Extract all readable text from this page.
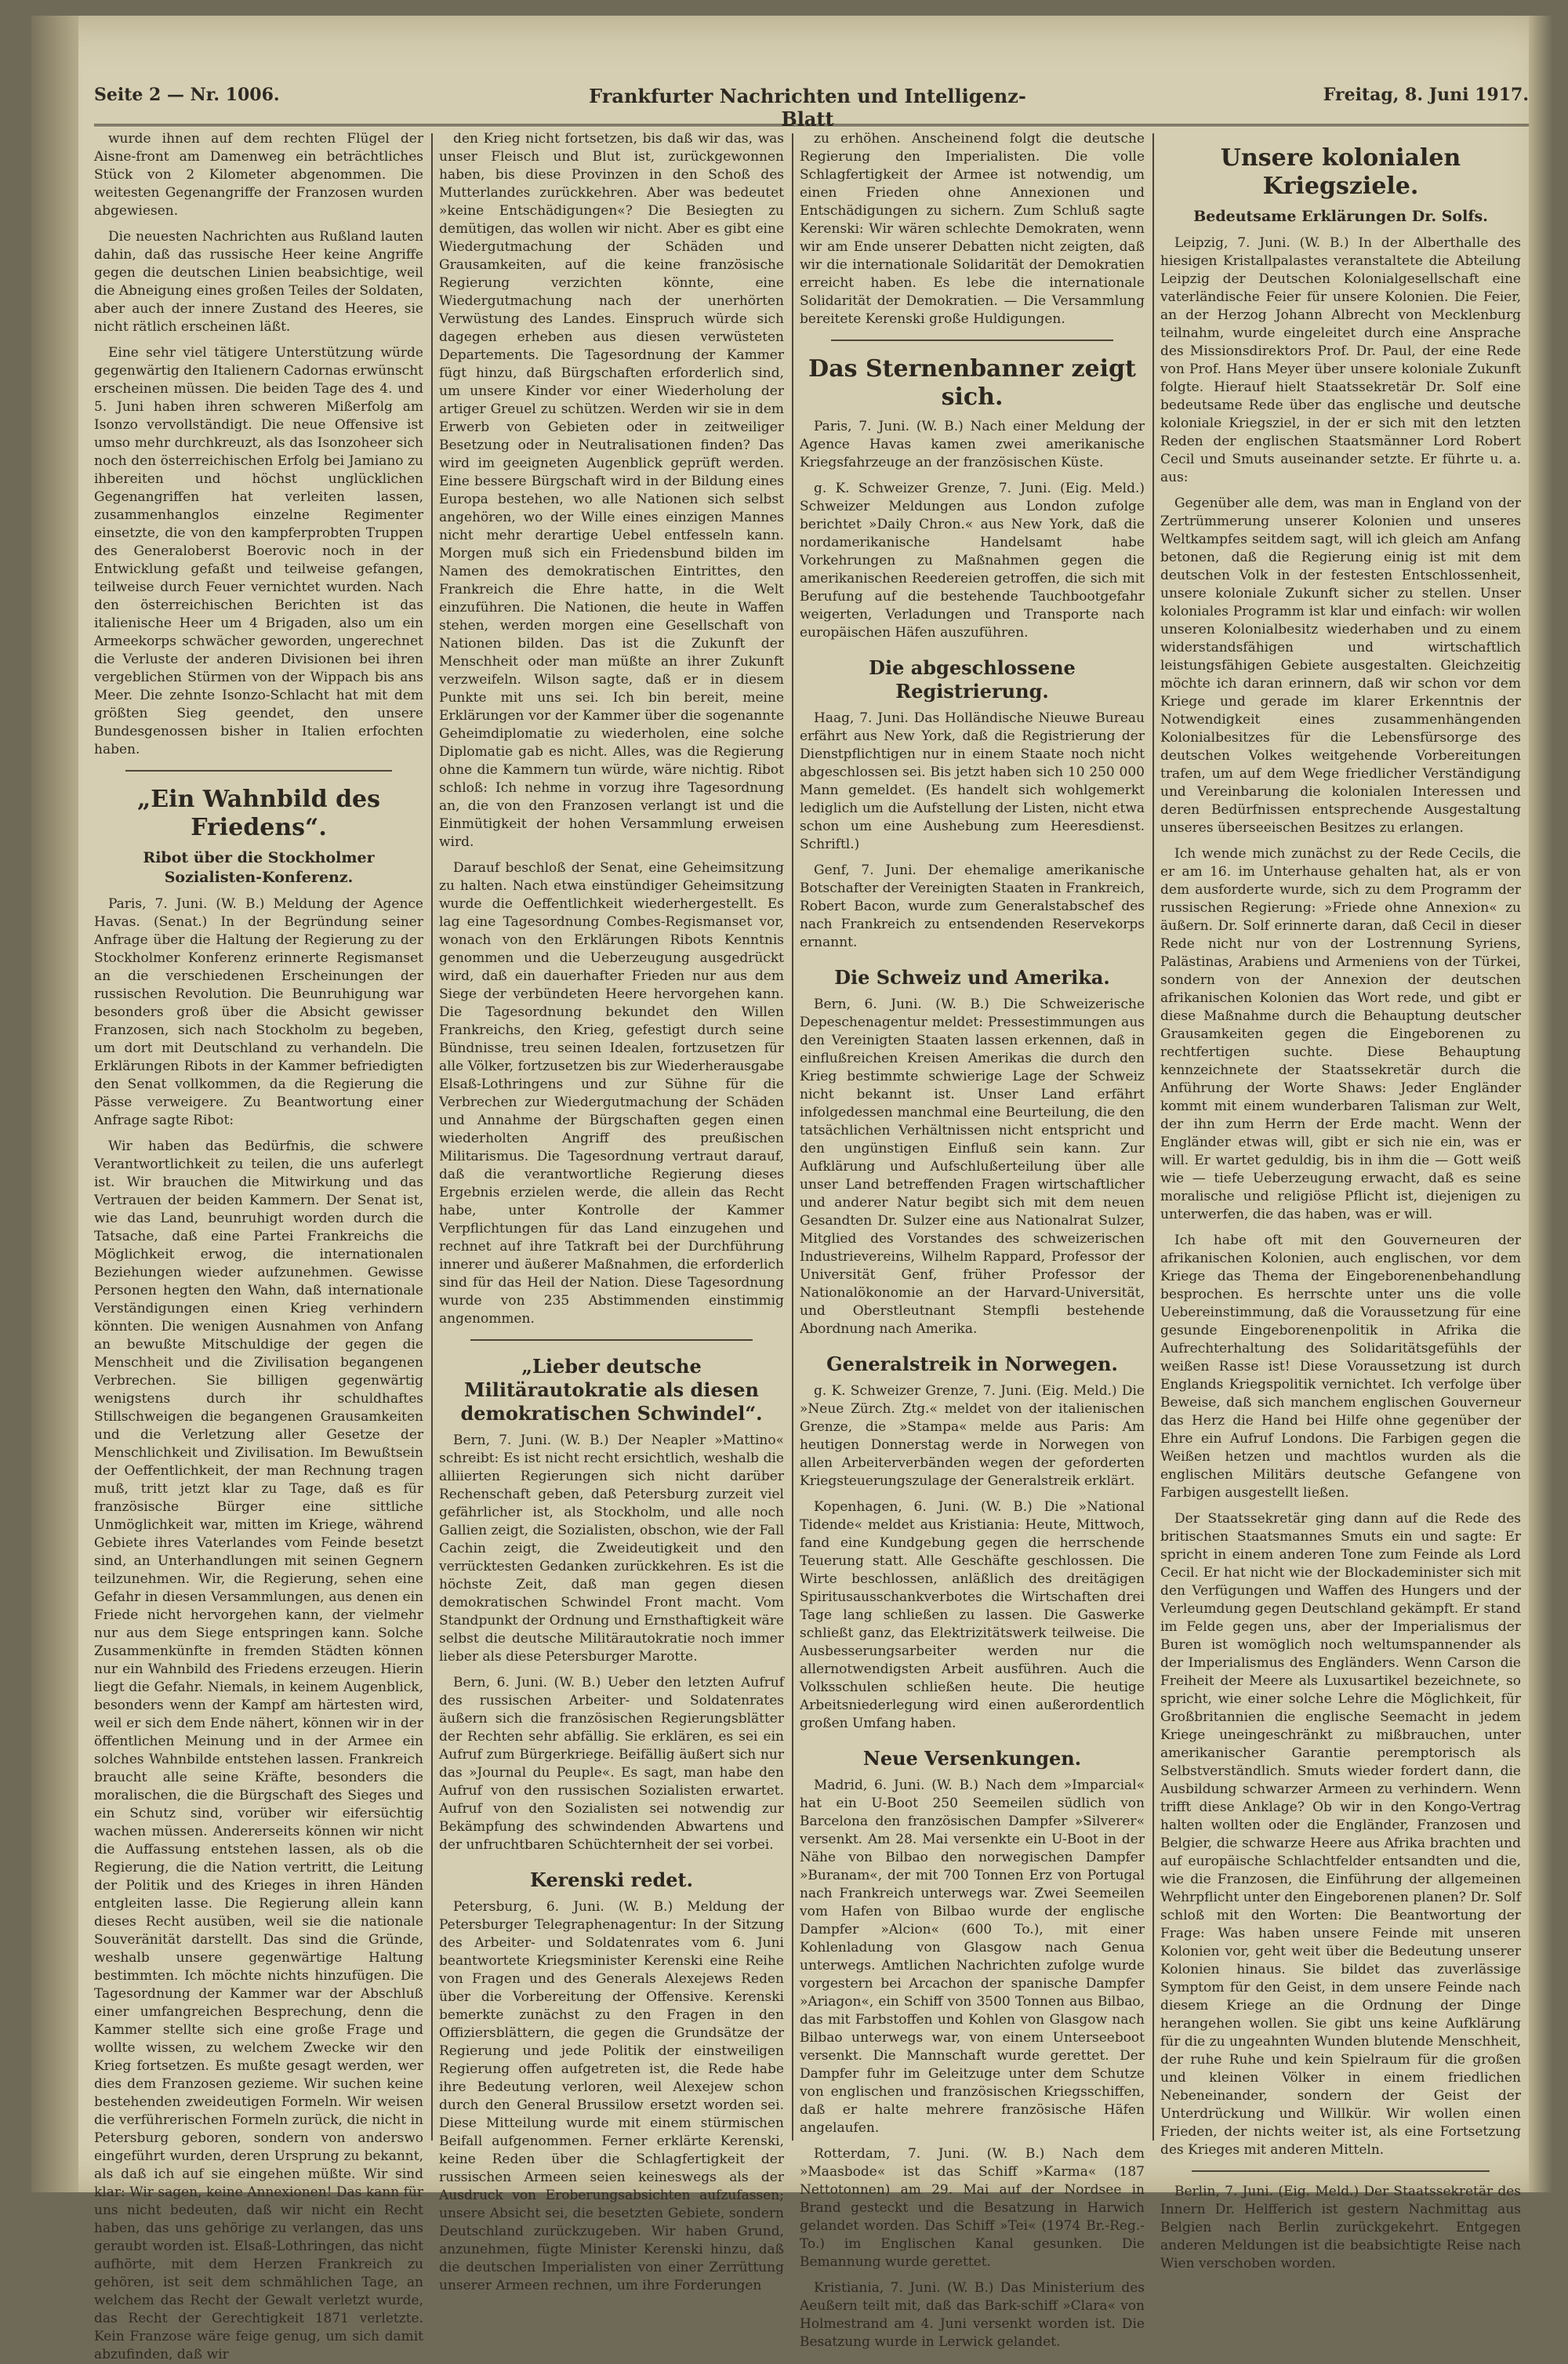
Seite 2 — Nr. 1006.	Frankfurter Nachrichten und Intelligenz-Blatt
Freitag, 8. Juni 1917.

wurde ihnen auf dem rechten Flügel der Aisne-front am Damenweg ein beträchtliches Stück von 2 Kilometer abgenommen. Die weitesten Gegenangriffe der Franzosen wurden abgewiesen.

Die neuesten Nachrichten aus Rußland lauten dahin, daß das russische Heer keine Angriffe gegen die deutschen Linien beabsichtige, weil die Abneigung eines großen Teiles der Soldaten, aber auch der innere Zustand des Heeres, sie nicht rätlich erscheinen läßt.

Eine sehr viel tätigere Unterstützung würde gegenwärtig den Italienern Cadornas erwünscht erscheinen müssen. Die beiden Tage des 4. und 5. Juni haben ihren schweren Mißerfolg am Isonzo vervollständigt. Die neue Offensive ist umso mehr durchkreuzt, als das Isonzoheer sich noch den österreichischen Erfolg bei Jamiano zu ihbereiten und höchst unglücklichen Gegenangriffen hat verleiten lassen, zusammenhanglos einzelne Regimenter einsetzte, die von den kampferprobten Truppen des Generaloberst Boerovic noch in der Entwicklung gefaßt und teilweise gefangen, teilweise durch Feuer vernichtet wurden. Nach den österreichischen Berichten ist das italienische Heer um 4 Brigaden, also um ein Armeekorps schwächer geworden, ungerechnet die Verluste der anderen Divisionen bei ihren vergeblichen Stürmen von der Wippach bis ans Meer. Die zehnte Isonzo-Schlacht hat mit dem größten Sieg geendet, den unsere Bundesgenossen bisher in Italien erfochten haben.

„Ein Wahnbild des Friedens“.
Ribot über die Stockholmer Sozialisten-Konferenz.

Paris, 7. Juni. (W. B.) Meldung der Agence Havas. (Senat.) In der Begründung seiner Anfrage über die Haltung der Regierung zu der Stockholmer Konferenz erinnerte Regismanset an die verschiedenen Erscheinungen der russischen Revolution. Die Beunruhigung war besonders groß über die Absicht gewisser Franzosen, sich nach Stockholm zu begeben, um dort mit Deutschland zu verhandeln. Die Erklärungen Ribots in der Kammer befriedigten den Senat vollkommen, da die Regierung die Pässe verweigere. Zu Beantwortung einer Anfrage sagte Ribot:

Wir haben das Bedürfnis, die schwere Verantwortlichkeit zu teilen, die uns auferlegt ist. Wir brauchen die Mitwirkung und das Vertrauen der beiden Kammern. Der Senat ist, wie das Land, beunruhigt worden durch die Tatsache, daß eine Partei Frankreichs die Möglichkeit erwog, die internationalen Beziehungen wieder aufzunehmen. Gewisse Personen hegten den Wahn, daß internationale Verständigungen einen Krieg verhindern könnten. Die wenigen Ausnahmen von Anfang an bewußte Mitschuldige der gegen die Menschheit und die Zivilisation begangenen Verbrechen. Sie billigen gegenwärtig wenigstens durch ihr schuldhaftes Stillschweigen die begangenen Grausamkeiten und die Verletzung aller Gesetze der Menschlichkeit und Zivilisation. Im Bewußtsein der Oeffentlichkeit, der man Rechnung tragen muß, tritt jetzt klar zu Tage, daß es für französische Bürger eine sittliche Unmöglichkeit war, mitten im Kriege, während Gebiete ihres Vaterlandes vom Feinde besetzt sind, an Unterhandlungen mit seinen Gegnern teilzunehmen. Wir, die Regierung, sehen eine Gefahr in diesen Versammlungen, aus denen ein Friede nicht hervorgehen kann, der vielmehr nur aus dem Siege entspringen kann. Solche Zusammenkünfte in fremden Städten können nur ein Wahnbild des Friedens erzeugen. Hierin liegt die Gefahr. Niemals, in keinem Augenblick, besonders wenn der Kampf am härtesten wird, weil er sich dem Ende nähert, können wir in der öffentlichen Meinung und in der Armee ein solches Wahnbilde entstehen lassen. Frankreich braucht alle seine Kräfte, besonders die moralischen, die die Bürgschaft des Sieges und ein Schutz sind, vorüber wir eifersüchtig wachen müssen. Andererseits können wir nicht die Auffassung entstehen lassen, als ob die Regierung, die die Nation vertritt, die Leitung der Politik und des Krieges in ihren Händen entgleiten lasse. Die Regierung allein kann dieses Recht ausüben, weil sie die nationale Souveränität darstellt. Das sind die Gründe, weshalb unsere gegenwärtige Haltung bestimmten. Ich möchte nichts hinzufügen. Die Tagesordnung der Kammer war der Abschluß einer umfangreichen Besprechung, denn die Kammer stellte sich eine große Frage und wollte wissen, zu welchem Zwecke wir den Krieg fortsetzen. Es mußte gesagt werden, wer dies dem Franzosen gezieme. Wir suchen keine bestehenden zweideutigen Formeln. Wir weisen die verführerischen Formeln zurück, die nicht in Petersburg geboren, sondern von anderswo eingeführt wurden, deren Ursprung zu bekannt, als daß ich auf sie eingehen müßte. Wir sind klar: Wir sagen, keine Annexionen! Das kann für uns nicht bedeuten, daß wir nicht ein Recht haben, das uns gehörige zu verlangen, das uns geraubt worden ist. Elsaß-Lothringen, das nicht aufhörte, mit dem Herzen Frankreich zu gehören, ist seit dem schmählichen Tage, an welchem das Recht der Gewalt verletzt wurde, das Recht der Gerechtigkeit 1871 verletzte. Kein Franzose wäre feige genug, um sich damit abzufinden, daß wir

den Krieg nicht fortsetzen, bis daß wir das, was unser Fleisch und Blut ist, zurückgewonnen haben, bis diese Provinzen in den Schoß des Mutterlandes zurückkehren. Aber was bedeutet »keine Entschädigungen«? Die Besiegten zu demütigen, das wollen wir nicht. Aber es gibt eine Wiedergutmachung der Schäden und Grausamkeiten, auf die keine französische Regierung verzichten könnte, eine Wiedergutmachung nach der unerhörten Verwüstung des Landes. Einspruch würde sich dagegen erheben aus diesen verwüsteten Departements. Die Tagesordnung der Kammer fügt hinzu, daß Bürgschaften erforderlich sind, um unsere Kinder vor einer Wiederholung der artiger Greuel zu schützen. Werden wir sie in dem Erwerb von Gebieten oder in zeitweiliger Besetzung oder in Neutralisationen finden? Das wird im geeigneten Augenblick geprüft werden. Eine bessere Bürgschaft wird in der Bildung eines Europa bestehen, wo alle Nationen sich selbst angehören, wo der Wille eines einzigen Mannes nicht mehr derartige Uebel entfesseln kann. Morgen muß sich ein Friedensbund bilden im Namen des demokratischen Eintrittes, den Frankreich die Ehre hatte, in die Welt einzuführen. Die Nationen, die heute in Waffen stehen, werden morgen eine Gesellschaft von Nationen bilden. Das ist die Zukunft der Menschheit oder man müßte an ihrer Zukunft verzweifeln. Wilson sagte, daß er in diesem Punkte mit uns sei. Ich bin bereit, meine Erklärungen vor der Kammer über die sogenannte Geheimdiplomatie zu wiederholen, eine solche Diplomatie gab es nicht. Alles, was die Regierung ohne die Kammern tun würde, wäre nichtig. Ribot schloß: Ich nehme in vorzug ihre Tagesordnung an, die von den Franzosen verlangt ist und die Einmütigkeit der hohen Versammlung erweisen wird.

Darauf beschloß der Senat, eine Geheimsitzung zu halten. Nach etwa einstündiger Geheimsitzung wurde die Oeffentlichkeit wiederhergestellt. Es lag eine Tagesordnung Combes-Regismanset vor, wonach von den Erklärungen Ribots Kenntnis genommen und die Ueberzeugung ausgedrückt wird, daß ein dauerhafter Frieden nur aus dem Siege der verbündeten Heere hervorgehen kann. Die Tagesordnung bekundet den Willen Frankreichs, den Krieg, gefestigt durch seine Bündnisse, treu seinen Idealen, fortzusetzen für alle Völker, fortzusetzen bis zur Wiederherausgabe Elsaß-Lothringens und zur Sühne für die Verbrechen zur Wiedergutmachung der Schäden und Annahme der Bürgschaften gegen einen wiederholten Angriff des preußischen Militarismus. Die Tagesordnung vertraut darauf, daß die verantwortliche Regierung dieses Ergebnis erzielen werde, die allein das Recht habe, unter Kontrolle der Kammer Verpflichtungen für das Land einzugehen und rechnet auf ihre Tatkraft bei der Durchführung innerer und äußerer Maßnahmen, die erforderlich sind für das Heil der Nation. Diese Tagesordnung wurde von 235 Abstimmenden einstimmig angenommen.

„Lieber deutsche Militärautokratie als diesen demokratischen Schwindel“.

Bern, 7. Juni. (W. B.) Der Neapler »Mattino« schreibt: Es ist nicht recht ersichtlich, weshalb die alliierten Regierungen sich nicht darüber Rechenschaft geben, daß Petersburg zurzeit viel gefährlicher ist, als Stockholm, und alle noch Gallien zeigt, die Sozialisten, obschon, wie der Fall Cachin zeigt, die Zweideutigkeit und den verrücktesten Gedanken zurückkehren. Es ist die höchste Zeit, daß man gegen diesen demokratischen Schwindel Front macht. Vom Standpunkt der Ordnung und Ernsthaftigkeit wäre selbst die deutsche Militärautokratie noch immer lieber als diese Petersburger Marotte.

Bern, 6. Juni. (W. B.) Ueber den letzten Aufruf des russischen Arbeiter- und Soldatenrates äußern sich die französischen Regierungsblätter der Rechten sehr abfällig. Sie erklären, es sei ein Aufruf zum Bürgerkriege. Beifällig äußert sich nur das »Journal du Peuple«. Es sagt, man habe den Aufruf von den russischen Sozialisten erwartet. Aufruf von den Sozialisten sei notwendig zur Bekämpfung des schwindenden Abwartens und der unfruchtbaren Schüchternheit der sei vorbei.

Kerenski redet.

Petersburg, 6. Juni. (W. B.) Meldung der Petersburger Telegraphenagentur: In der Sitzung des Arbeiter- und Soldatenrates vom 6. Juni beantwortete Kriegsminister Kerenski eine Reihe von Fragen und des Generals Alexejews Reden über die Vorbereitung der Offensive. Kerenski bemerkte zunächst zu den Fragen in den Offiziersblättern, die gegen die Grundsätze der Regierung und jede Politik der einstweiligen Regierung offen aufgetreten ist, die Rede habe ihre Bedeutung verloren, weil Alexejew schon durch den General Brussilow ersetzt worden sei. Diese Mitteilung wurde mit einem stürmischen Beifall aufgenommen. Ferner erklärte Kerenski, keine Reden über die Schlagfertigkeit der russischen Armeen seien keineswegs als der Ausdruck von Eroberungsabsichten aufzufassen; unsere Absicht sei, die besetzten Gebiete, sondern Deutschland zurückzugeben. Wir haben Grund, anzunehmen, fügte Minister Kerenski hinzu, daß die deutschen Imperialisten von einer Zerrüttung unserer Armeen rechnen, um ihre Forderungen

zu erhöhen. Anscheinend folgt die deutsche Regierung den Imperialisten. Die volle Schlagfertigkeit der Armee ist notwendig, um einen Frieden ohne Annexionen und Entschädigungen zu sichern. Zum Schluß sagte Kerenski: Wir wären schlechte Demokraten, wenn wir am Ende unserer Debatten nicht zeigten, daß wir die internationale Solidarität der Demokratien erreicht haben. Es lebe die internationale Solidarität der Demokratien. — Die Versammlung bereitete Kerenski große Huldigungen.

Das Sternenbanner zeigt sich.

Paris, 7. Juni. (W. B.) Nach einer Meldung der Agence Havas kamen zwei amerikanische Kriegsfahrzeuge an der französischen Küste.

g. K. Schweizer Grenze, 7. Juni. (Eig. Meld.) Schweizer Meldungen aus London zufolge berichtet »Daily Chron.« aus New York, daß die nordamerikanische Handelsamt habe Vorkehrungen zu Maßnahmen gegen die amerikanischen Reedereien getroffen, die sich mit Berufung auf die bestehende Tauchbootgefahr weigerten, Verladungen und Transporte nach europäischen Häfen auszuführen.

Die abgeschlossene Registrierung.

Haag, 7. Juni. Das Holländische Nieuwe Bureau erfährt aus New York, daß die Registrierung der Dienstpflichtigen nur in einem Staate noch nicht abgeschlossen sei. Bis jetzt haben sich 10 250 000 Mann gemeldet. (Es handelt sich wohlgemerkt lediglich um die Aufstellung der Listen, nicht etwa schon um eine Aushebung zum Heeresdienst. Schriftl.)

Genf, 7. Juni. Der ehemalige amerikanische Botschafter der Vereinigten Staaten in Frankreich, Robert Bacon, wurde zum Generalstabschef des nach Frankreich zu entsendenden Reservekorps ernannt.

Die Schweiz und Amerika.

Bern, 6. Juni. (W. B.) Die Schweizerische Depeschenagentur meldet: Pressestimmungen aus den Vereinigten Staaten lassen erkennen, daß in einflußreichen Kreisen Amerikas die durch den Krieg bestimmte schwierige Lage der Schweiz nicht bekannt ist. Unser Land erfährt infolgedessen manchmal eine Beurteilung, die den tatsächlichen Verhältnissen nicht entspricht und den ungünstigen Einfluß sein kann. Zur Aufklärung und Aufschlußerteilung über alle unser Land betreffenden Fragen wirtschaftlicher und anderer Natur begibt sich mit dem neuen Gesandten Dr. Sulzer eine aus Nationalrat Sulzer, Mitglied des Vorstandes des schweizerischen Industrievereins, Wilhelm Rappard, Professor der Universität Genf, früher Professor der Nationalökonomie an der Harvard-Universität, und Oberstleutnant Stempfli bestehende Abordnung nach Amerika.

Generalstreik in Norwegen.

g. K. Schweizer Grenze, 7. Juni. (Eig. Meld.) Die »Neue Zürch. Ztg.« meldet von der italienischen Grenze, die »Stampa« melde aus Paris: Am heutigen Donnerstag werde in Norwegen von allen Arbeiterverbänden wegen der geforderten Kriegsteuerungszulage der Generalstreik erklärt.

Kopenhagen, 6. Juni. (W. B.) Die »National Tidende« meldet aus Kristiania: Heute, Mittwoch, fand eine Kundgebung gegen die herrschende Teuerung statt. Alle Geschäfte geschlossen. Die Wirte beschlossen, anläßlich des dreitägigen Spiritusausschankverbotes die Wirtschaften drei Tage lang schließen zu lassen. Die Gaswerke schließt ganz, das Elektrizitätswerk teilweise. Die Ausbesserungsarbeiter werden nur die allernotwendigsten Arbeit ausführen. Auch die Volksschulen schließen heute. Die heutige Arbeitsniederlegung wird einen außerordentlich großen Umfang haben.

Neue Versenkungen.

Madrid, 6. Juni. (W. B.) Nach dem »Imparcial« hat ein U-Boot 250 Seemeilen südlich von Barcelona den französischen Dampfer »Silverer« versenkt. Am 28. Mai versenkte ein U-Boot in der Nähe von Bilbao den norwegischen Dampfer »Buranam«, der mit 700 Tonnen Erz von Portugal nach Frankreich unterwegs war. Zwei Seemeilen vom Hafen von Bilbao wurde der englische Dampfer »Alcion« (600 To.), mit einer Kohlenladung von Glasgow nach Genua unterwegs. Amtlichen Nachrichten zufolge wurde vorgestern bei Arcachon der spanische Dampfer »Ariagon«, ein Schiff von 3500 Tonnen aus Bilbao, das mit Farbstoffen und Kohlen von Glasgow nach Bilbao unterwegs war, von einem Unterseeboot versenkt. Die Mannschaft wurde gerettet. Der Dampfer fuhr im Geleitzuge unter dem Schutze von englischen und französischen Kriegsschiffen, daß er halte mehrere französische Häfen angelaufen.

Rotterdam, 7. Juni. (W. B.) Nach dem »Maasbode« ist das Schiff »Karma« (187 Nettotonnen) am 29. Mai auf der Nordsee in Brand gesteckt und die Besatzung in Harwich gelandet worden. Das Schiff »Tei« (1974 Br.-Reg.-To.) im Englischen Kanal gesunken. Die Bemannung wurde gerettet.

Kristiania, 7. Juni. (W. B.) Das Ministerium des Aeußern teilt mit, daß das Bark-schiff »Clara« von Holmestrand am 4. Juni versenkt worden ist. Die Besatzung wurde in Lerwick gelandet.

Unsere kolonialen Kriegsziele.
Bedeutsame Erklärungen Dr. Solfs.

Leipzig, 7. Juni. (W. B.) In der Alberthalle des hiesigen Kristallpalastes veranstaltete die Abteilung Leipzig der Deutschen Kolonialgesellschaft eine vaterländische Feier für unsere Kolonien. Die Feier, an der Herzog Johann Albrecht von Mecklenburg teilnahm, wurde eingeleitet durch eine Ansprache des Missionsdirektors Prof. Dr. Paul, der eine Rede von Prof. Hans Meyer über unsere koloniale Zukunft folgte. Hierauf hielt Staatssekretär Dr. Solf eine bedeutsame Rede über das englische und deutsche koloniale Kriegsziel, in der er sich mit den letzten Reden der englischen Staatsmänner Lord Robert Cecil und Smuts auseinander setzte. Er führte u. a. aus:

Gegenüber alle dem, was man in England von der Zertrümmerung unserer Kolonien und unseres Weltkampfes seitdem sagt, will ich gleich am Anfang betonen, daß die Regierung einig ist mit dem deutschen Volk in der festesten Entschlossenheit, unsere koloniale Zukunft sicher zu stellen. Unser koloniales Programm ist klar und einfach: wir wollen unseren Kolonialbesitz wiederhaben und zu einem widerstandsfähigen und wirtschaftlich leistungsfähigen Gebiete ausgestalten. Gleichzeitig möchte ich daran erinnern, daß wir schon vor dem Kriege und gerade im klarer Erkenntnis der Notwendigkeit eines zusammenhängenden Kolonialbesitzes für die Lebensfürsorge des deutschen Volkes weitgehende Vorbereitungen trafen, um auf dem Wege friedlicher Verständigung und Vereinbarung die kolonialen Interessen und deren Bedürfnissen entsprechende Ausgestaltung unseres überseeischen Besitzes zu erlangen.

Ich wende mich zunächst zu der Rede Cecils, die er am 16. im Unterhause gehalten hat, als er von dem ausforderte wurde, sich zu dem Programm der russischen Regierung: »Friede ohne Annexion« zu äußern. Dr. Solf erinnerte daran, daß Cecil in dieser Rede nicht nur von der Lostrennung Syriens, Palästinas, Arabiens und Armeniens von der Türkei, sondern von der Annexion der deutschen afrikanischen Kolonien das Wort rede, und gibt er diese Maßnahme durch die Behauptung deutscher Grausamkeiten gegen die Eingeborenen zu rechtfertigen suchte. Diese Behauptung kennzeichnete der Staatssekretär durch die Anführung der Worte Shaws: Jeder Engländer kommt mit einem wunderbaren Talisman zur Welt, der ihn zum Herrn der Erde macht. Wenn der Engländer etwas will, gibt er sich nie ein, was er will. Er wartet geduldig, bis in ihm die — Gott weiß wie — tiefe Ueberzeugung erwacht, daß es seine moralische und religiöse Pflicht ist, diejenigen zu unterwerfen, die das haben, was er will.

Ich habe oft mit den Gouverneuren der afrikanischen Kolonien, auch englischen, vor dem Kriege das Thema der Eingeborenenbehandlung besprochen. Es herrschte unter uns die volle Uebereinstimmung, daß die Voraussetzung für eine gesunde Eingeborenenpolitik in Afrika die Aufrechterhaltung des Solidaritätsgefühls der weißen Rasse ist! Diese Voraussetzung ist durch Englands Kriegspolitik vernichtet. Ich verfolge über Beweise, daß sich manchem englischen Gouverneur das Herz die Hand bei Hilfe ohne gegenüber der Ehre ein Aufruf Londons. Die Farbigen gegen die Weißen hetzen und machtlos wurden als die englischen Militärs deutsche Gefangene von Farbigen ausgestellt ließen.

Der Staatssekretär ging dann auf die Rede des britischen Staatsmannes Smuts ein und sagte: Er spricht in einem anderen Tone zum Feinde als Lord Cecil. Er hat nicht wie der Blockademinister sich mit den Verfügungen und Waffen des Hungers und der Verleumdung gegen Deutschland gekämpft. Er stand im Felde gegen uns, aber der Imperialismus der Buren ist womöglich noch weltumspannender als der Imperialismus des Engländers. Wenn Carson die Freiheit der Meere als Luxusartikel bezeichnete, so spricht, wie einer solche Lehre die Möglichkeit, für Großbritannien die englische Seemacht in jedem Kriege uneingeschränkt zu mißbrauchen, unter amerikanischer Garantie peremptorisch als Selbstverständlich. Smuts wieder fordert dann, die Ausbildung schwarzer Armeen zu verhindern. Wenn trifft diese Anklage? Ob wir in den Kongo-Vertrag halten wollten oder die Engländer, Franzosen und Belgier, die schwarze Heere aus Afrika brachten und auf europäische Schlachtfelder entsandten und die, wie die Franzosen, die Einführung der allgemeinen Wehrpflicht unter den Eingeborenen planen? Dr. Solf schloß mit den Worten: Die Beantwortung der Frage: Was haben unsere Feinde mit unseren Kolonien vor, geht weit über die Bedeutung unserer Kolonien hinaus. Sie bildet das zuverlässige Symptom für den Geist, in dem unsere Feinde nach diesem Kriege an die Ordnung der Dinge herangehen wollen. Sie gibt uns keine Aufklärung für die zu ungeahnten Wunden blutende Menschheit, der ruhe Ruhe und kein Spielraum für die großen und kleinen Völker in einem friedlichen Nebeneinander, sondern der Geist der Unterdrückung und Willkür. Wir wollen einen Frieden, der nichts weiter ist, als eine Fortsetzung des Krieges mit anderen Mitteln.

Berlin, 7. Juni. (Eig. Meld.) Der Staatssekretär des Innern Dr. Helfferich ist gestern Nachmittag aus Belgien nach Berlin zurückgekehrt. Entgegen anderen Meldungen ist die beabsichtigte Reise nach Wien verschoben worden.
